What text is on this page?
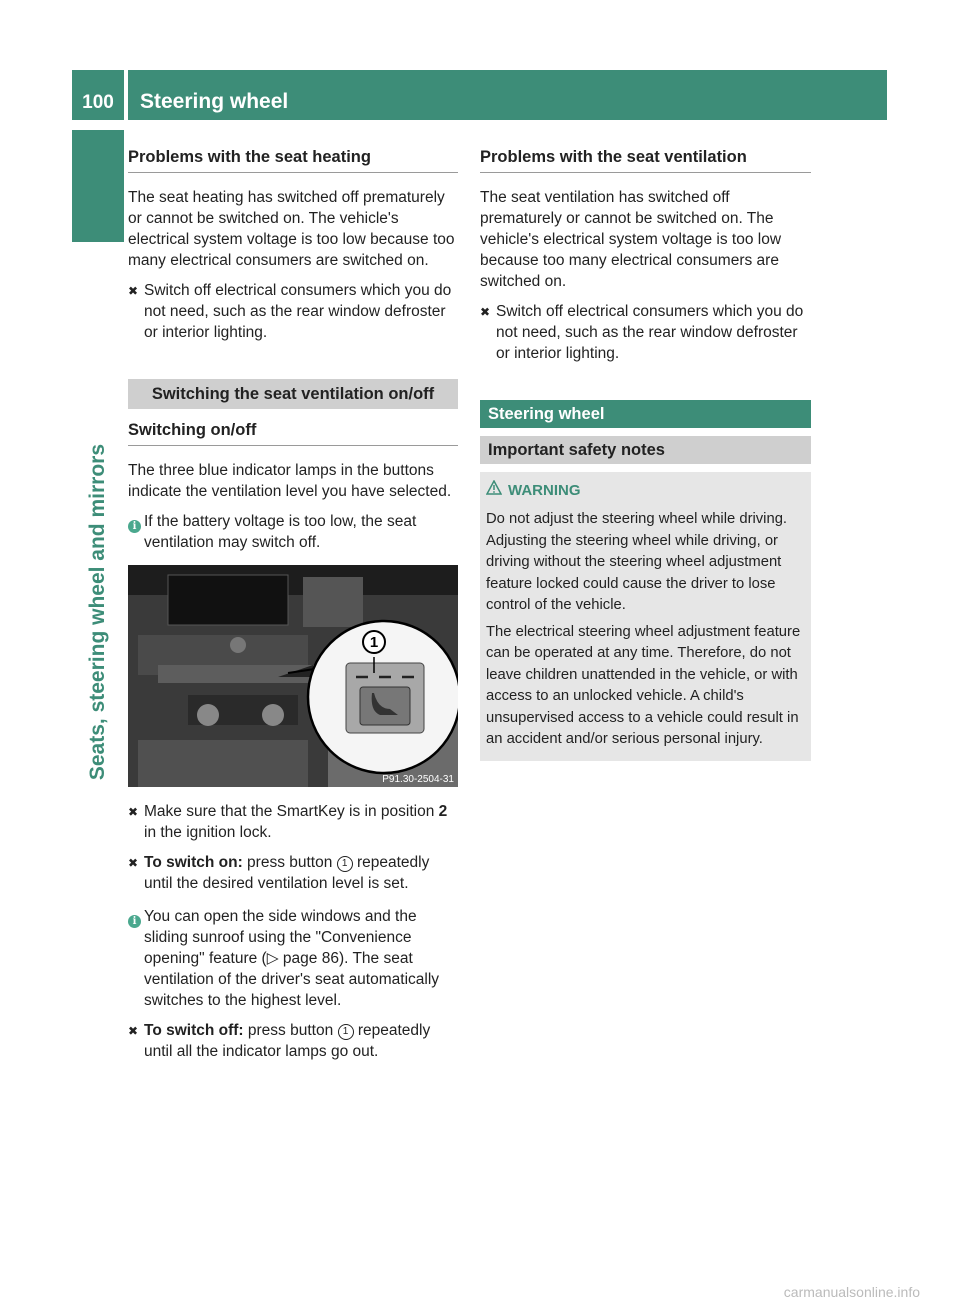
100	Steering wheel
Seats, steering wheel and mirrors
Problems with the seat heating

The seat heating has switched off prematurely or cannot be switched on. The vehicle's electrical system voltage is too low because too many electrical consumers are switched on.

✖ Switch off electrical consumers which you do not need, such as the rear window defroster or interior lighting.
Switching the seat ventilation on/off
Switching on/off

The three blue indicator lamps in the buttons indicate the ventilation level you have selected.

i If the battery voltage is too low, the seat ventilation may switch off.
1
P91.30-2504-31
✖ Make sure that the SmartKey is in position 2 in the ignition lock.
✖ To switch on: press button 1 repeatedly until the desired ventilation level is set.
i You can open the side windows and the sliding sunroof using the "Convenience opening" feature (▷ page 86). The seat ventilation of the driver's seat automatically switches to the highest level.
✖ To switch off: press button 1 repeatedly until all the indicator lamps go out.
Problems with the seat ventilation

The seat ventilation has switched off prematurely or cannot be switched on. The vehicle's electrical system voltage is too low because too many electrical consumers are switched on.

✖ Switch off electrical consumers which you do not need, such as the rear window defroster or interior lighting.
Steering wheel
Important safety notes
WARNING

Do not adjust the steering wheel while driving. Adjusting the steering wheel while driving, or driving without the steering wheel adjustment feature locked could cause the driver to lose control of the vehicle.

The electrical steering wheel adjustment feature can be operated at any time. Therefore, do not leave children unattended in the vehicle, or with access to an unlocked vehicle. A child's unsupervised access to a vehicle could result in an accident and/or serious personal injury.

carmanualsonline.info
